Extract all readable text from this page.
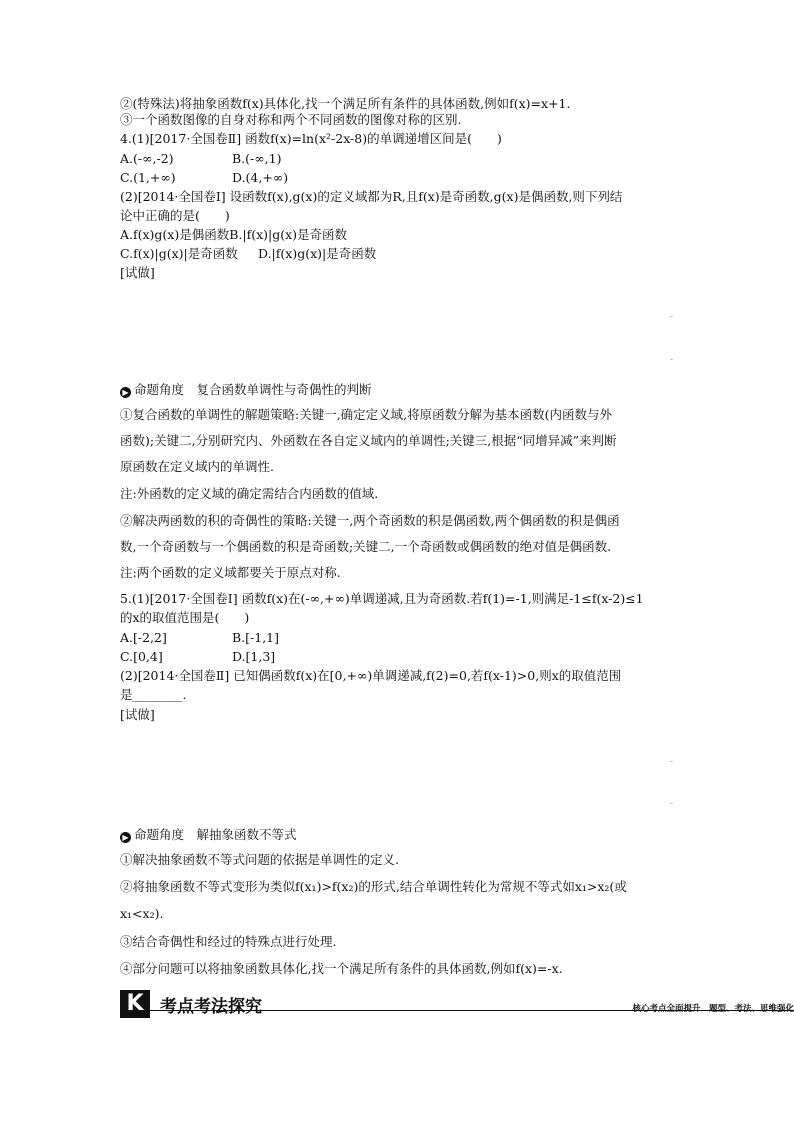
②(特殊法)将抽象函数f(x)具体化,找一个满足所有条件的具体函数,例如f(x)=x+1.
③一个函数图像的自身对称和两个不同函数的图像对称的区别.
4.(1)[2017·全国卷Ⅱ] 函数f(x)=ln(x²-2x-8)的单调递增区间是(　　)
A.(-∞,-2)	B.(-∞,1)
C.(1,+∞)	D.(4,+∞)
(2)[2014·全国卷Ⅰ] 设函数f(x),g(x)的定义域都为R,且f(x)是奇函数,g(x)是偶函数,则下列结
论中正确的是(　　)
A.f(x)g(x)是偶函数B.|f(x)|g(x)是奇函数
C.f(x)|g(x)|是奇函数	D.|f(x)g(x)|是奇函数
[试做]
-
-
▶ 命题角度　复合函数单调性与奇偶性的判断
①复合函数的单调性的解题策略:关键一,确定定义域,将原函数分解为基本函数(内函数与外
函数);关键二,分别研究内、外函数在各自定义域内的单调性;关键三,根据“同增异减”来判断
原函数在定义域内的单调性.
注:外函数的定义域的确定需结合内函数的值域.
②解决两函数的积的奇偶性的策略:关键一,两个奇函数的积是偶函数,两个偶函数的积是偶函
数,一个奇函数与一个偶函数的积是奇函数;关键二,一个奇函数或偶函数的绝对值是偶函数.
注:两个函数的定义域都要关于原点对称.
5.(1)[2017·全国卷Ⅰ] 函数f(x)在(-∞,+∞)单调递减,且为奇函数.若f(1)=-1,则满足-1≤f(x-2)≤1
的x的取值范围是(　　)
A.[-2,2]	B.[-1,1]
C.[0,4]	D.[1,3]
(2)[2014·全国卷Ⅱ] 已知偶函数f(x)在[0,+∞)单调递减,f(2)=0,若f(x-1)>0,则x的取值范围
是________.
[试做]
-
-
▶ 命题角度　解抽象函数不等式
①解决抽象函数不等式问题的依据是单调性的定义.
②将抽象函数不等式变形为类似f(x₁)>f(x₂)的形式,结合单调性转化为常规不等式如x₁>x₂(或
x₁<x₂).
③结合奇偶性和经过的特殊点进行处理.
④部分问题可以将抽象函数具体化,找一个满足所有条件的具体函数,例如f(x)=-x.
K 考点考法探究	核心考点全面提升　题型、考法、思维强化
